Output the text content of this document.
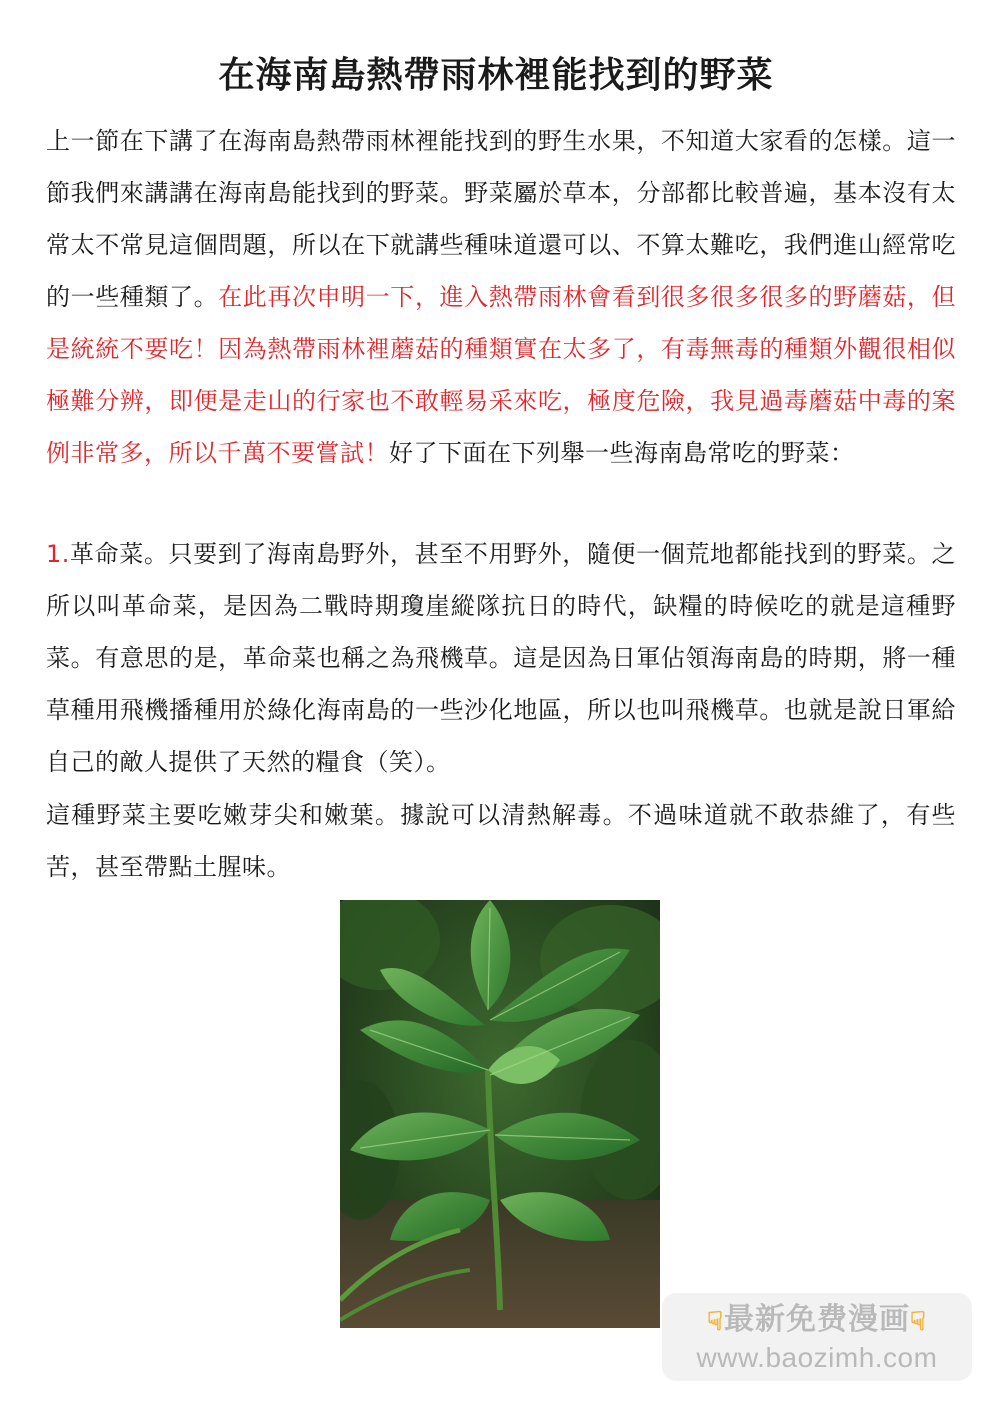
在海南島熱帶雨林裡能找到的野菜

上一節在下講了在海南島熱帶雨林裡能找到的野生水果，不知道大家看的怎樣。這一節我們來講講在海南島能找到的野菜。野菜屬於草本，分部都比較普遍，基本沒有太常太不常見這個問題，所以在下就講些種味道還可以、不算太難吃，我們進山經常吃的一些種類了。在此再次申明一下，進入熱帶雨林會看到很多很多很多的野蘑菇，但是統統不要吃！因為熱帶雨林裡蘑菇的種類實在太多了，有毒無毒的種類外觀很相似極難分辨，即便是走山的行家也不敢輕易采來吃，極度危險，我見過毒蘑菇中毒的案例非常多，所以千萬不要嘗試！好了下面在下列舉一些海南島常吃的野菜：

1.革命菜。只要到了海南島野外，甚至不用野外，隨便一個荒地都能找到的野菜。之所以叫革命菜，是因為二戰時期瓊崖縱隊抗日的時代，缺糧的時候吃的就是這種野菜。有意思的是，革命菜也稱之為飛機草。這是因為日軍佔領海南島的時期，將一種草種用飛機播種用於綠化海南島的一些沙化地區，所以也叫飛機草。也就是說日軍給自己的敵人提供了天然的糧食（笑）。

這種野菜主要吃嫩芽尖和嫩葉。據說可以清熱解毒。不過味道就不敢恭維了，有些苦，甚至帶點土腥味。

☟最新免费漫画☟
www.baozimh.com
